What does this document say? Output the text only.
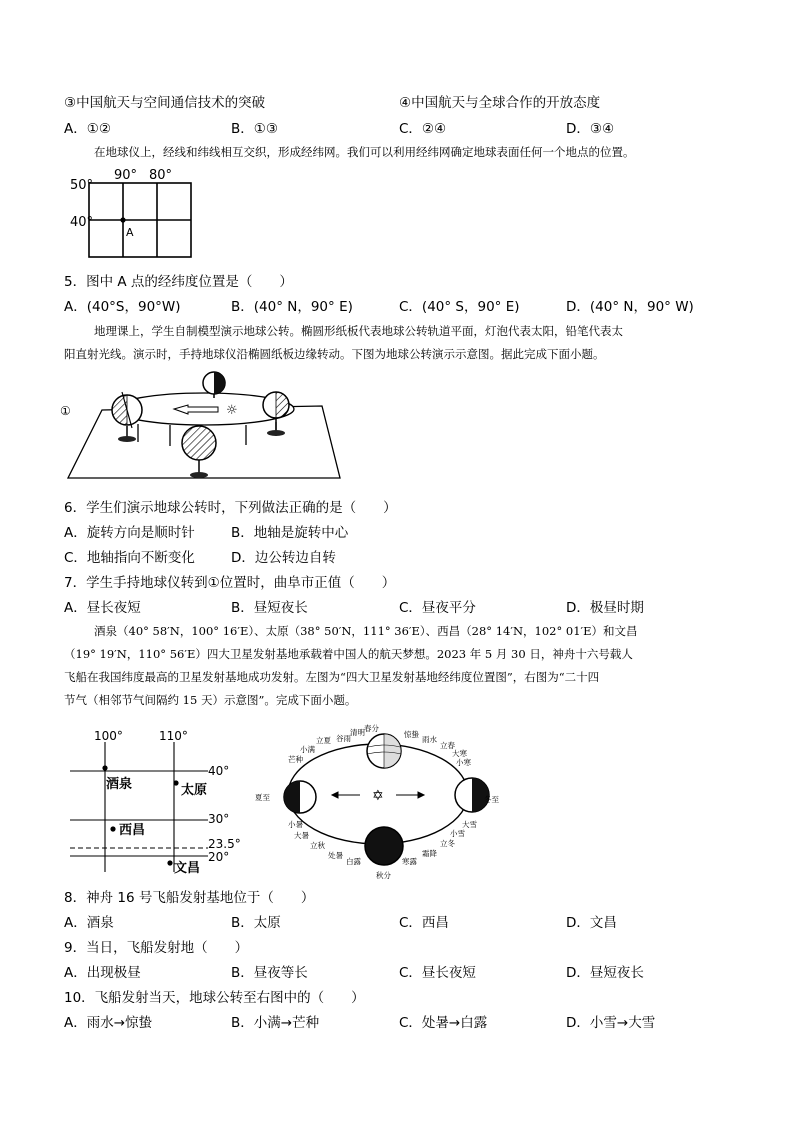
③中国航天与空间通信技术的突破	④中国航天与全球合作的开放态度
A．①②	B．①③	C．②④	D．③④
在地球仪上，经线和纬线相互交织，形成经纬网。我们可以利用经纬网确定地球表面任何一个地点的位置。
50°
40°
90° 80°
A
5．图中 A 点的经纬度位置是（　　）
A．(40°S，90°W)	B．(40° N，90° E)	C．(40° S，90° E)	D．(40° N，90° W)
地理课上，学生自制模型演示地球公转。椭圆形纸板代表地球公转轨道平面，灯泡代表太阳，铅笔代表太
阳直射光线。演示时，手持地球仪沿椭圆纸板边缘转动。下图为地球公转演示示意图。据此完成下面小题。
☼
①
6．学生们演示地球公转时，下列做法正确的是（　　）
A．旋转方向是顺时针	B．地轴是旋转中心
C．地轴指向不断变化	D．边公转边自转
7．学生手持地球仪转到①位置时，曲阜市正值（　　）
A．昼长夜短	B．昼短夜长	C．昼夜平分	D．极昼时期
酒泉（40° 58′N，100° 16′E）、太原（38° 50′N，111° 36′E）、西昌（28° 14′N，102° 01′E）和文昌
（19° 19′N，110° 56′E）四大卫星发射基地承载着中国人的航天梦想。2023 年 5 月 30 日，神舟十六号载人
飞船在我国纬度最高的卫星发射基地成功发射。左图为“四大卫星发射基地经纬度位置图”，右图为“二十四
节气（相邻节气间隔约 15 天）示意图”。完成下面小题。
100°	110°
40°
30°
23.5°
20°
酒泉	太原
西昌
文昌
✡
春分
清明
谷雨
立夏
小满
芒种
夏至
小暑
大暑
立秋
处暑
白露
秋分
寒露
霜降
立冬
小雪
大雪
冬至
小寒
大寒
立春
雨水
惊蛰
8．神舟 16 号飞船发射基地位于（　　）
A．酒泉	B．太原	C．西昌	D．文昌
9．当日，飞船发射地（　　）
A．出现极昼	B．昼夜等长	C．昼长夜短	D．昼短夜长
10．飞船发射当天，地球公转至右图中的（　　）
A．雨水→惊蛰	B．小满→芒种	C．处暑→白露	D．小雪→大雪
